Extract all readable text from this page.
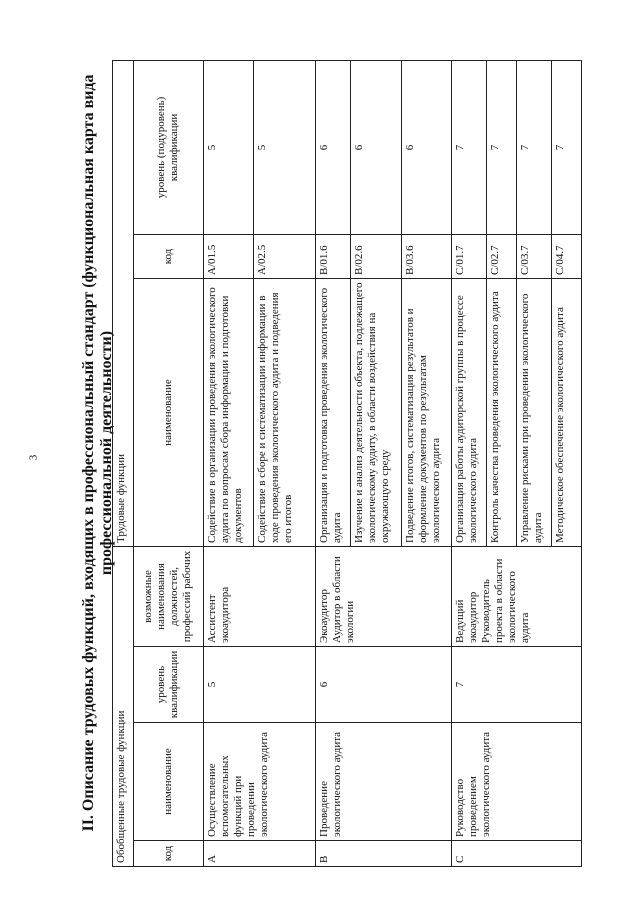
3	II. Описание трудовых функций, входящих в профессиональный стандарт (функциональная карта вида профессиональной деятельности)
Обобщенные трудовые функции				Трудовые функции		
код	наименование	уровень квалификации	возможные наименования должностей, профессий рабочих	наименование	код	уровень (подуровень) квалификации
A	Осуществление вспомогательных функций при проведении экологического аудита	5	Ассистент экоаудитора	Содействие в организации проведения экологического аудита по вопросам сбора информации и подготовки документов	A/01.5	5
				Содействие в сборе и систематизации информации в ходе проведения экологического аудита и подведения его итогов	A/02.5	5
B	Проведение экологического аудита	6	Экоаудитор Аудитор в области экологии	Организация и подготовка проведения экологического аудита	B/01.6	6
				Изучение и анализ деятельности объекта, подлежащего экологическому аудиту, в области воздействия на окружающую среду	B/02.6	6
				Подведение итогов, систематизация результатов и оформление документов по результатам экологического аудита	B/03.6	6
C	Руководство проведением экологического аудита	7	Ведущий экоаудитор Руководитель проекта в области экологического аудита	Организация работы аудиторской группы в процессе экологического аудита	C/01.7	7
				Контроль качества проведения экологического аудита	C/02.7	7
				Управление рисками при проведении экологического аудита	C/03.7	7
				Методическое обеспечение экологического аудита	C/04.7	7
